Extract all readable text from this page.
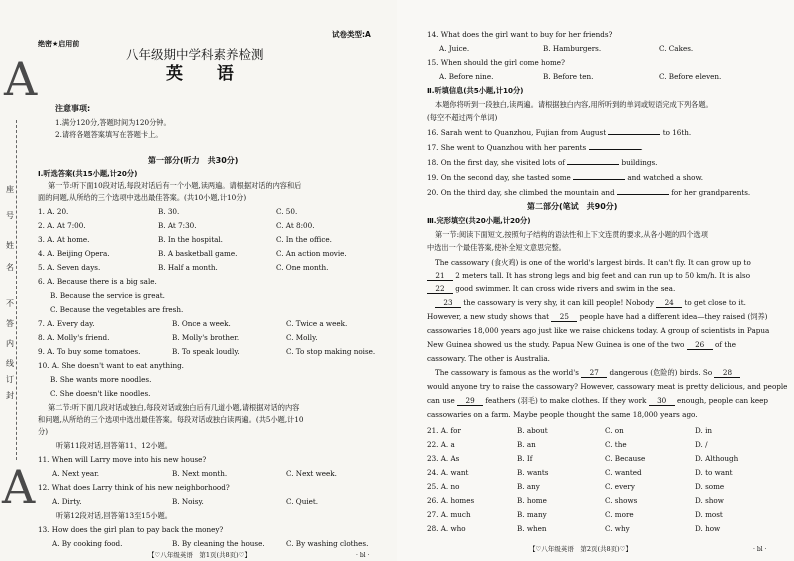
A
A
座
号
姓
名
不
答
内
线
订
封
试卷类型:A
绝密★启用前
八年级期中学科素养检测
英 语
注意事项:
1.满分120分,答题时间为120分钟。
2.请将各题答案填写在答题卡上。
第一部分(听力　共30分)
Ⅰ.听选答案(共15小题,计20分)
第一节:听下面10段对话,每段对话后有一个小题,读两遍。请根据对话的内容和后
面的问题,从所给的三个选项中选出最佳答案。(共10小题,计10分)
1. A. 20.	B. 30.	C. 50.
2. A. At 7:00.	B. At 7:30.	C. At 8:00.
3. A. At home.	B. In the hospital.	C. In the office.
4. A. Beijing Opera.	B. A basketball game.	C. An action movie.
5. A. Seven days.	B. Half a month.	C. One month.
6. A. Because there is a big sale.
B. Because the service is great.
C. Because the vegetables are fresh.
7. A. Every day.	B. Once a week.	C. Twice a week.
8. A. Molly's friend.	B. Molly's brother.	C. Molly.
9. A. To buy some tomatoes.	B. To speak loudly.	C. To stop making noise.
10. A. She doesn't want to eat anything.
B. She wants more noodles.
C. She doesn't like noodles.
第二节:听下面几段对话或独白,每段对话或独白后有几道小题,请根据对话的内容
和问题,从所给的三个选项中选出最佳答案。每段对话或独白读两遍。(共5小题,计10
分)
听第11段对话,回答第11、12小题。
11. When will Larry move into his new house?
A. Next year.	B. Next month.	C. Next week.
12. What does Larry think of his new neighborhood?
A. Dirty.	B. Noisy.	C. Quiet.
听第12段对话,回答第13至15小题。
13. How does the girl plan to pay back the money?
A. By cooking food.	B. By cleaning the house.	C. By washing clothes.
【♡八年级英语　第1页(共8页)♡】	· bl ·
14. What does the girl want to buy for her friends?
A. Juice.	B. Hamburgers.	C. Cakes.
15. When should the girl come home?
A. Before nine.	B. Before ten.	C. Before eleven.
Ⅱ.听填信息(共5小题,计10分)
本题你将听到一段独白,读两遍。请根据独白内容,用所听到的单词或短语完成下列各题。
(每空不超过两个单词)
16. Sarah went to Quanzhou, Fujian from August	to 16th.
17. She went to Quanzhou with her parents	.
18. On the first day, she visited lots of	buildings.
19. On the second day, she tasted some	and watched a show.
20. On the third day, she climbed the mountain and	for her grandparents.
第二部分(笔试　共90分)
Ⅲ.完形填空(共20小题,计20分)
第一节:阅读下面短文,按照句子结构的语法性和上下文连贯的要求,从各小题的四个选项
中选出一个最佳答案,使补全短文意思完整。
The cassowary (食火鸡) is one of the world's largest birds. It can't fly. It can grow up to
21 2 meters tall. It has strong legs and big feet and can run up to 50 km/h. It is also
22 good swimmer. It can cross wide rivers and swim in the sea.
23 the cassowary is very shy, it can kill people! Nobody 24 to get close to it.
However, a new study shows that 25 people have had a different idea—they raised (饲养)
cassowaries 18,000 years ago just like we raise chickens today. A group of scientists in Papua
New Guinea showed us the study. Papua New Guinea is one of the two 26 of the
cassowary. The other is Australia.
The cassowary is famous as the world's 27 dangerous (危险的) birds. So 28
would anyone try to raise the cassowary? However, cassowary meat is pretty delicious, and people
can use 29 feathers (羽毛) to make clothes. If they work 30 enough, people can keep
cassowaries on a farm. Maybe people thought the same 18,000 years ago.
21. A. for	B. about	C. on	D. in
22. A. a	B. an	C. the	D. /
23. A. As	B. If	C. Because	D. Although
24. A. want	B. wants	C. wanted	D. to want
25. A. no	B. any	C. every	D. some
26. A. homes	B. home	C. shows	D. show
27. A. much	B. many	C. more	D. most
28. A. who	B. when	C. why	D. how
【♡八年级英语　第2页(共8页)♡】	· bl ·
